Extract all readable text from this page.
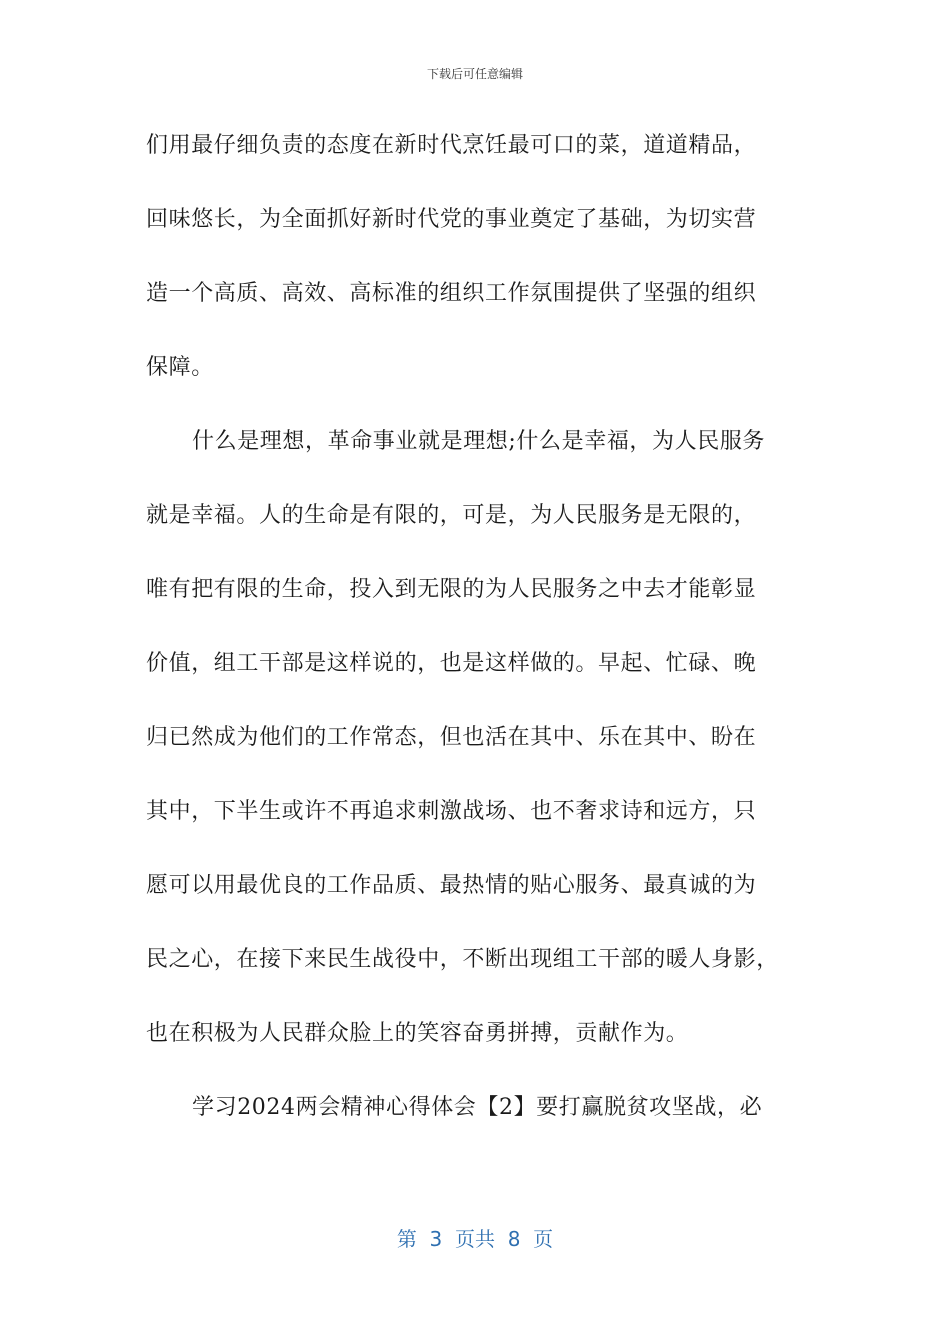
下载后可任意编辑
们用最仔细负责的态度在新时代烹饪最可口的菜，道道精品，
回味悠长，为全面抓好新时代党的事业奠定了基础，为切实营
造一个高质、高效、高标准的组织工作氛围提供了坚强的组织
保障。
什么是理想，革命事业就是理想;什么是幸福，为人民服务
就是幸福。人的生命是有限的，可是，为人民服务是无限的，
唯有把有限的生命，投入到无限的为人民服务之中去才能彰显
价值，组工干部是这样说的，也是这样做的。早起、忙碌、晚
归已然成为他们的工作常态，但也活在其中、乐在其中、盼在
其中，下半生或许不再追求刺激战场、也不奢求诗和远方，只
愿可以用最优良的工作品质、最热情的贴心服务、最真诚的为
民之心，在接下来民生战役中，不断出现组工干部的暖人身影，
也在积极为人民群众脸上的笑容奋勇拼搏，贡献作为。
学习2024两会精神心得体会【2】要打赢脱贫攻坚战，必
第  3  页共  8  页
